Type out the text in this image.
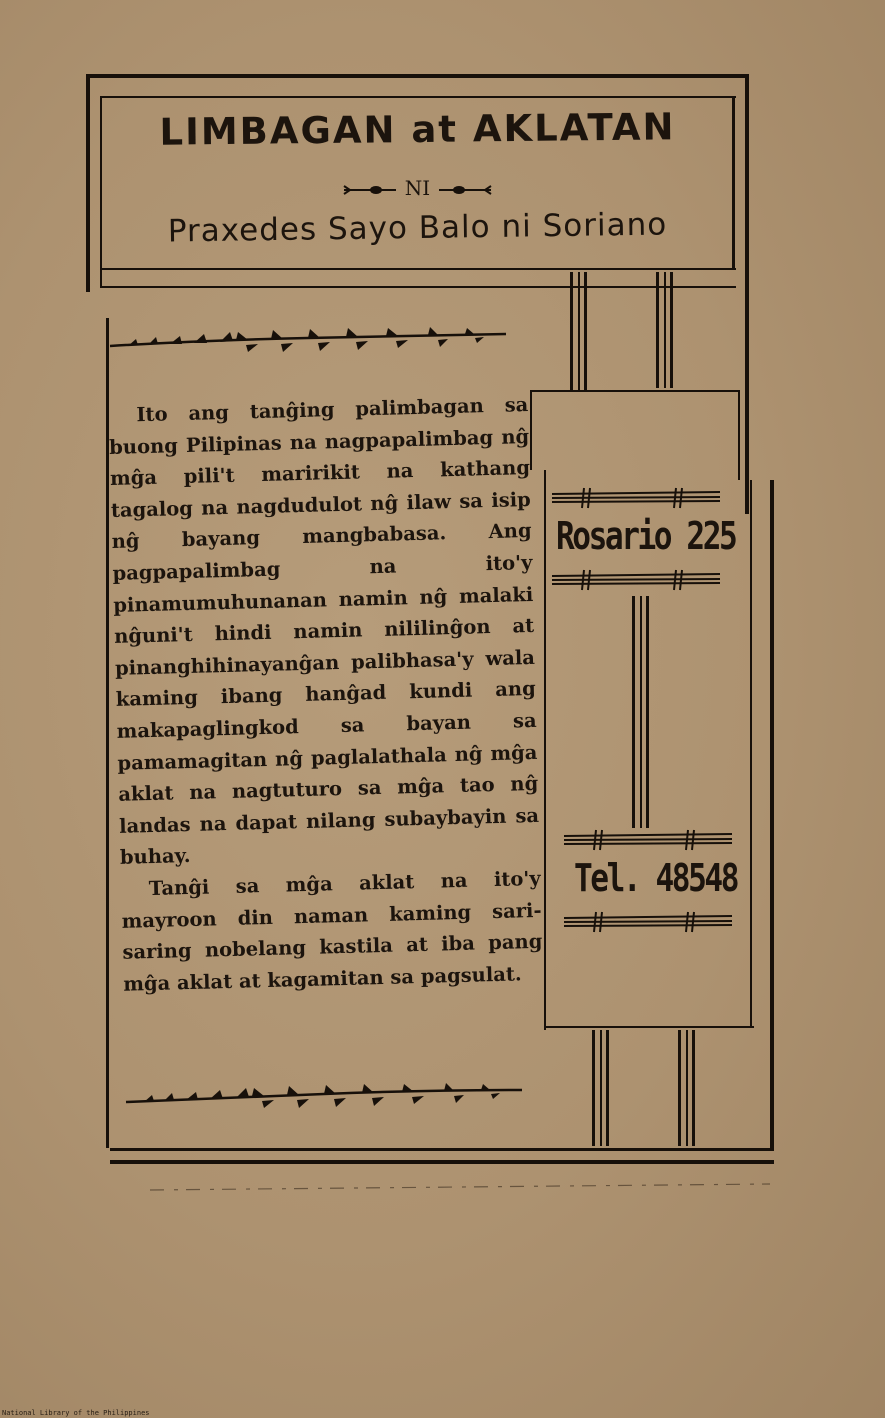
LIMBAGAN at AKLATAN
NI
Praxedes Sayo Balo ni Soriano

Ito ang tanĝing palimbagan sa buong Pilipinas na nagpapalimbag nĝ mĝa pili't maririkit na kathang tagalog na nagdudulot nĝ ilaw sa isip nĝ bayang mangbabasa. Ang pagpapalimbag na ito'y pinamumuhunanan namin nĝ malaki nĝuni't hindi namin nililinĝon at pinanghihinayanĝan palibhasa'y wala kaming ibang hanĝad kundi ang makapaglingkod sa bayan sa pamamagitan nĝ paglalathala nĝ mĝa aklat na nagtuturo sa mĝa tao nĝ landas na dapat nilang subaybayin sa buhay.

Tanĝi sa mĝa aklat na ito'y mayroon din naman kaming sari-saring nobelang kastila at iba pang mĝa aklat at kagamitan sa pagsulat.

Rosario 225
Tel. 48548
National Library of the Philippines
